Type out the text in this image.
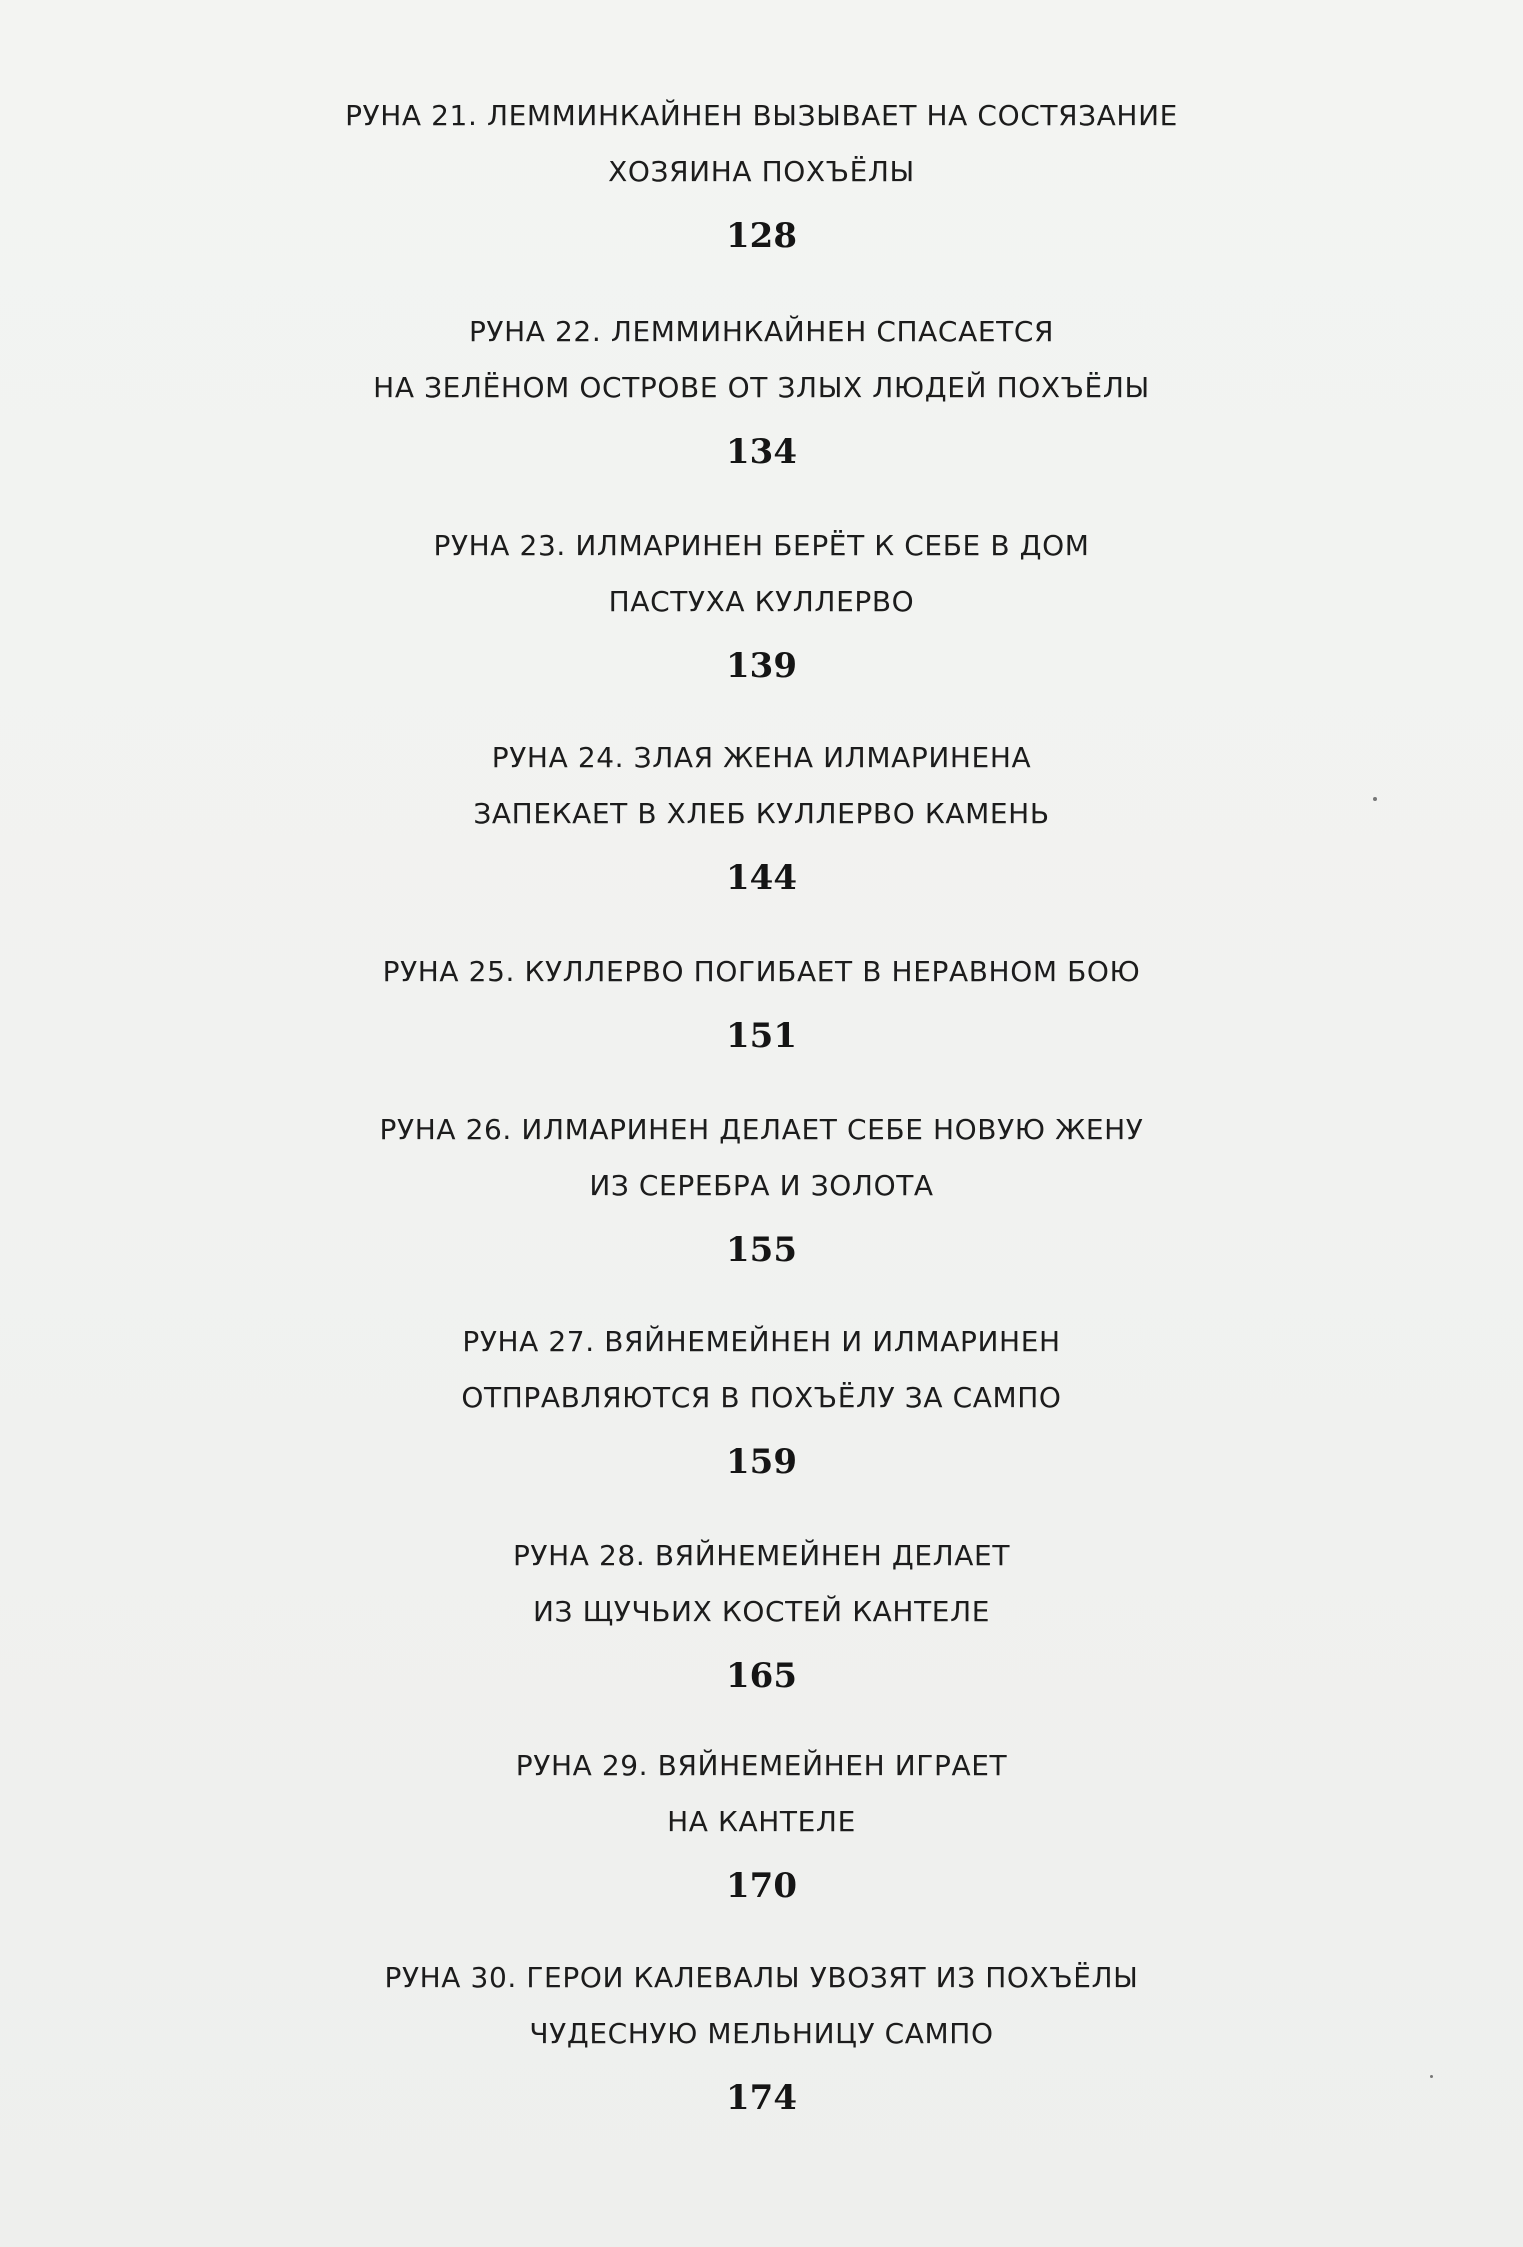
РУНА 21. ЛЕММИНКАЙНЕН ВЫЗЫВАЕТ НА СОСТЯЗАНИЕ
ХОЗЯИНА ПОХЪЁЛЫ
128
РУНА 22. ЛЕММИНКАЙНЕН СПАСАЕТСЯ
НА ЗЕЛЁНОМ ОСТРОВЕ ОТ ЗЛЫХ ЛЮДЕЙ ПОХЪЁЛЫ
134
РУНА 23. ИЛМАРИНЕН БЕРЁТ К СЕБЕ В ДОМ
ПАСТУХА КУЛЛЕРВО
139
РУНА 24. ЗЛАЯ ЖЕНА ИЛМАРИНЕНА
ЗАПЕКАЕТ В ХЛЕБ КУЛЛЕРВО КАМЕНЬ
144
РУНА 25. КУЛЛЕРВО ПОГИБАЕТ В НЕРАВНОМ БОЮ
151
РУНА 26. ИЛМАРИНЕН ДЕЛАЕТ СЕБЕ НОВУЮ ЖЕНУ
ИЗ СЕРЕБРА И ЗОЛОТА
155
РУНА 27. ВЯЙНЕМЕЙНЕН И ИЛМАРИНЕН
ОТПРАВЛЯЮТСЯ В ПОХЪЁЛУ ЗА САМПО
159
РУНА 28. ВЯЙНЕМЕЙНЕН ДЕЛАЕТ
ИЗ ЩУЧЬИХ КОСТЕЙ КАНТЕЛЕ
165
РУНА 29. ВЯЙНЕМЕЙНЕН ИГРАЕТ
НА КАНТЕЛЕ
170
РУНА 30. ГЕРОИ КАЛЕВАЛЫ УВОЗЯТ ИЗ ПОХЪЁЛЫ
ЧУДЕСНУЮ МЕЛЬНИЦУ САМПО
174
